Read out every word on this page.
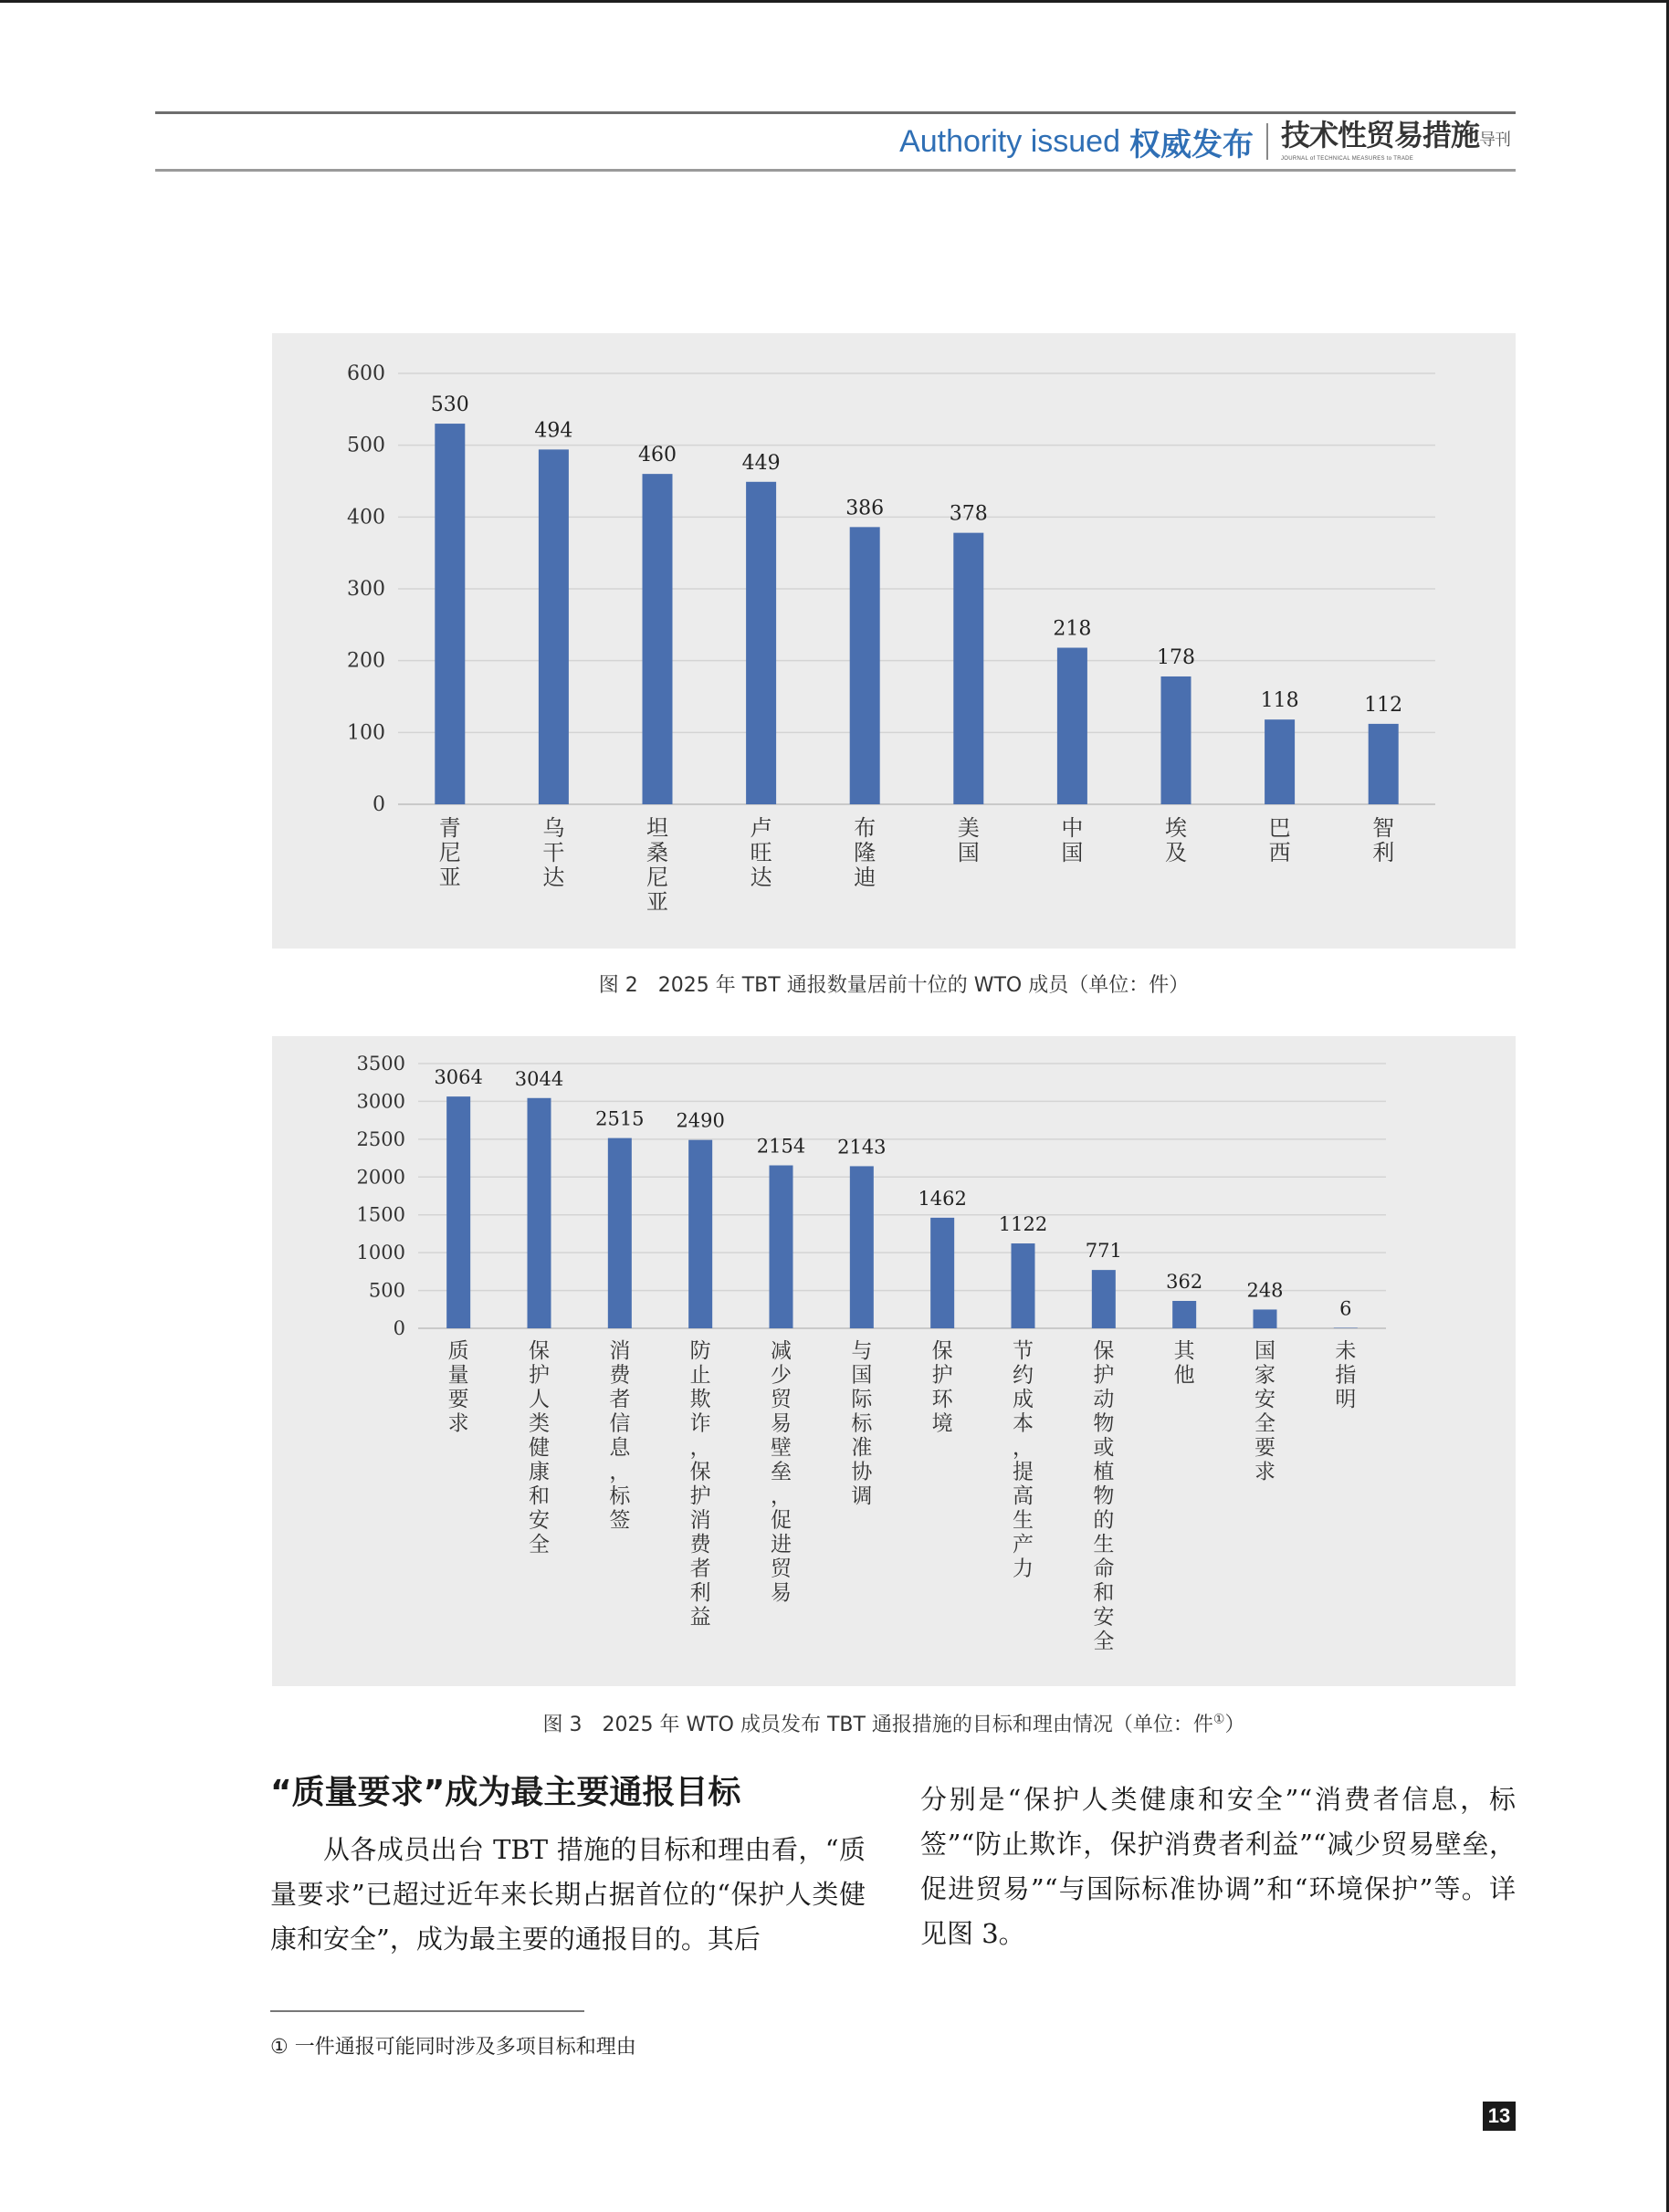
Authority issued 权威发布 技术性贸易措施导刊
JOURNAL of TECHNICAL MEASURES to TRADE
0
100
200
300
400
500
600
530
青尼亚
494
乌干达
460
坦桑尼亚
449
卢旺达
386
布隆迪
378
美国
218
中国
178
埃及
118
巴西
112
智利
图 2　2025 年 TBT 通报数量居前十位的 WTO 成员（单位：件）
0
500
1000
1500
2000
2500
3000
3500
3064
质量要求
3044
保护人类健康和安全
2515
消费者信息，标签
2490
防止欺诈，保护消费者利益
2154
减少贸易壁垒，促进贸易
2143
与国际标准协调
1462
保护环境
1122
节约成本，提高生产力
771
保护动物或植物的生命和安全
362
其他
248
国家安全要求
6
未指明
图 3　2025 年 WTO 成员发布 TBT 通报措施的目标和理由情况（单位：件①）
“质量要求”成为最主要通报目标
从各成员出台 TBT 措施的目标和理由看，“质量要求”已超过近年来长期占据首位的“保护人类健康和安全”，成为最主要的通报目的。其后
分别是“保护人类健康和安全”“消费者信息，标签”“防止欺诈，保护消费者利益”“减少贸易壁垒，促进贸易”“与国际标准协调”和“环境保护”等。详见图 3。
① 一件通报可能同时涉及多项目标和理由
13
